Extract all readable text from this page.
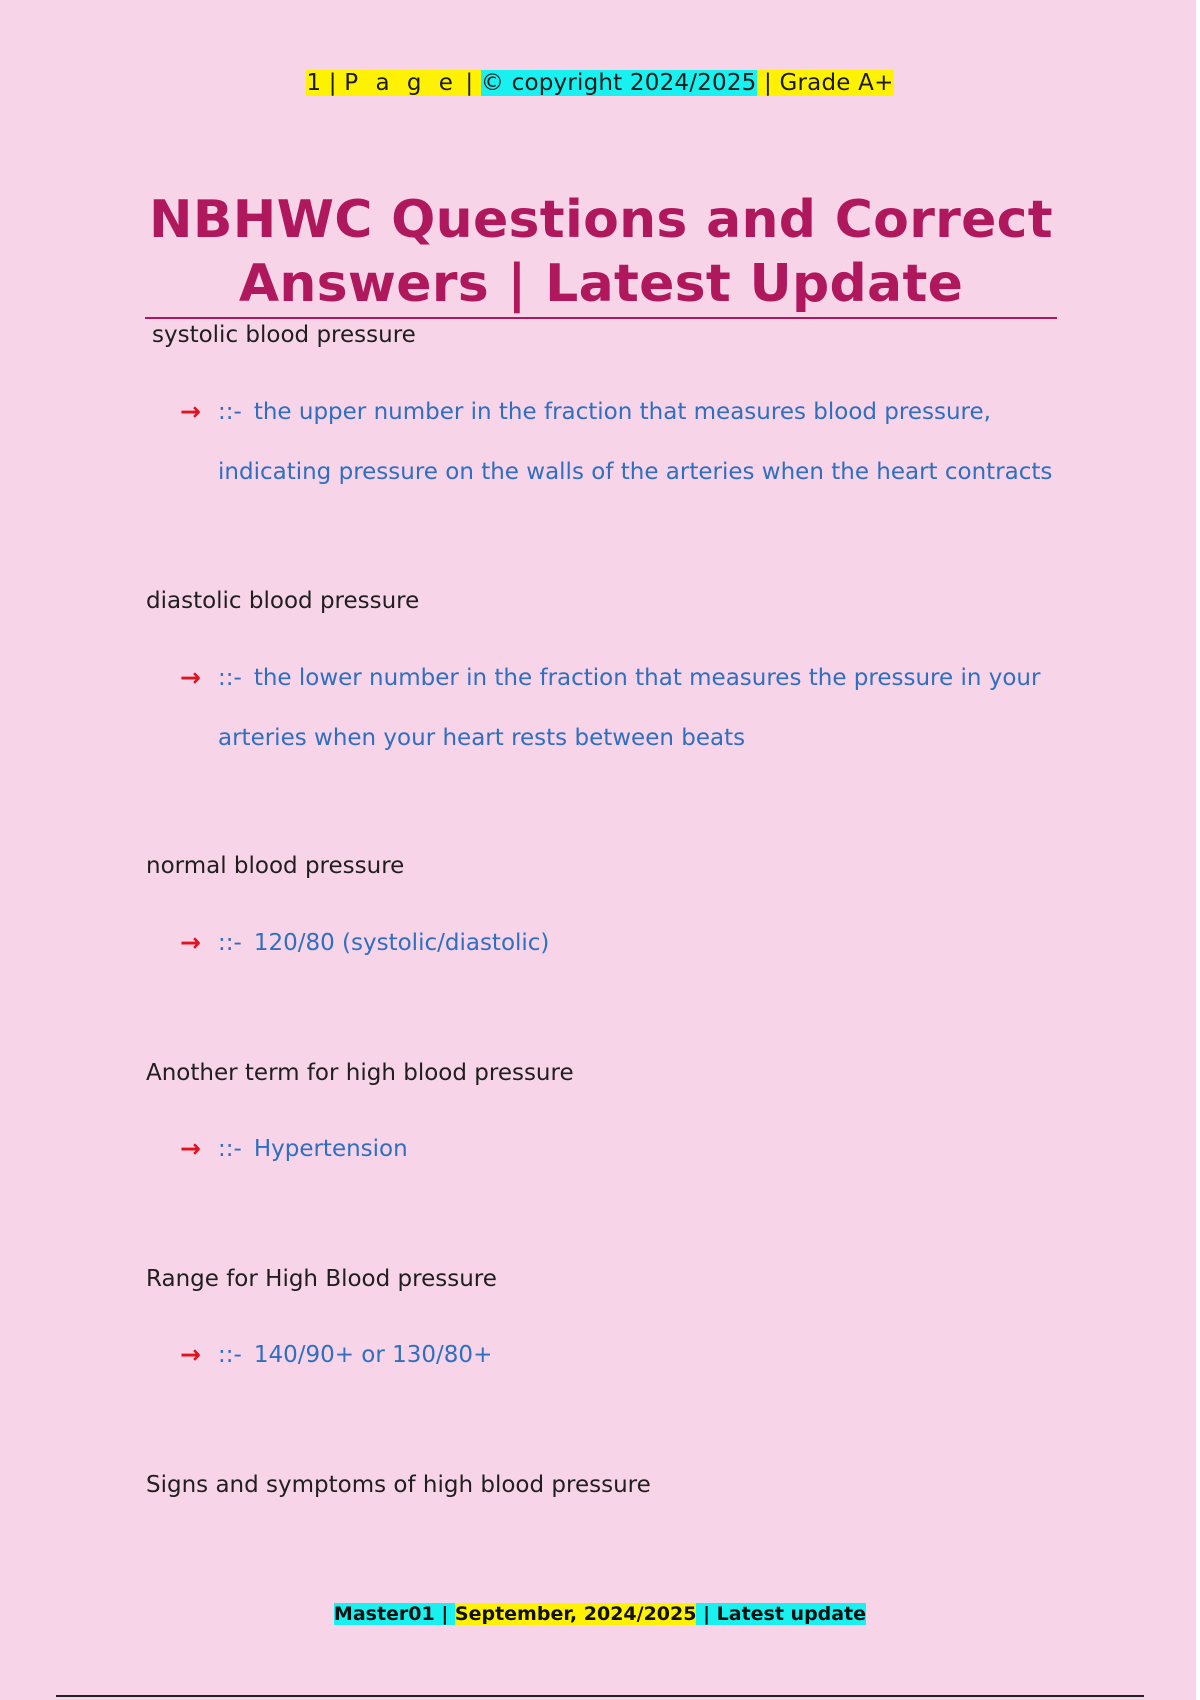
1 | P a g e | © copyright 2024/2025 | Grade A+
NBHWC Questions and Correct
Answers | Latest Update
systolic blood pressure
→ ::- the upper number in the fraction that measures blood pressure,
indicating pressure on the walls of the arteries when the heart contracts
diastolic blood pressure
→ ::- the lower number in the fraction that measures the pressure in your
arteries when your heart rests between beats
normal blood pressure
→ ::- 120/80 (systolic/diastolic)
Another term for high blood pressure
→ ::- Hypertension
Range for High Blood pressure
→ ::- 140/90+ or 130/80+
Signs and symptoms of high blood pressure
Master01 | September, 2024/2025 | Latest update
